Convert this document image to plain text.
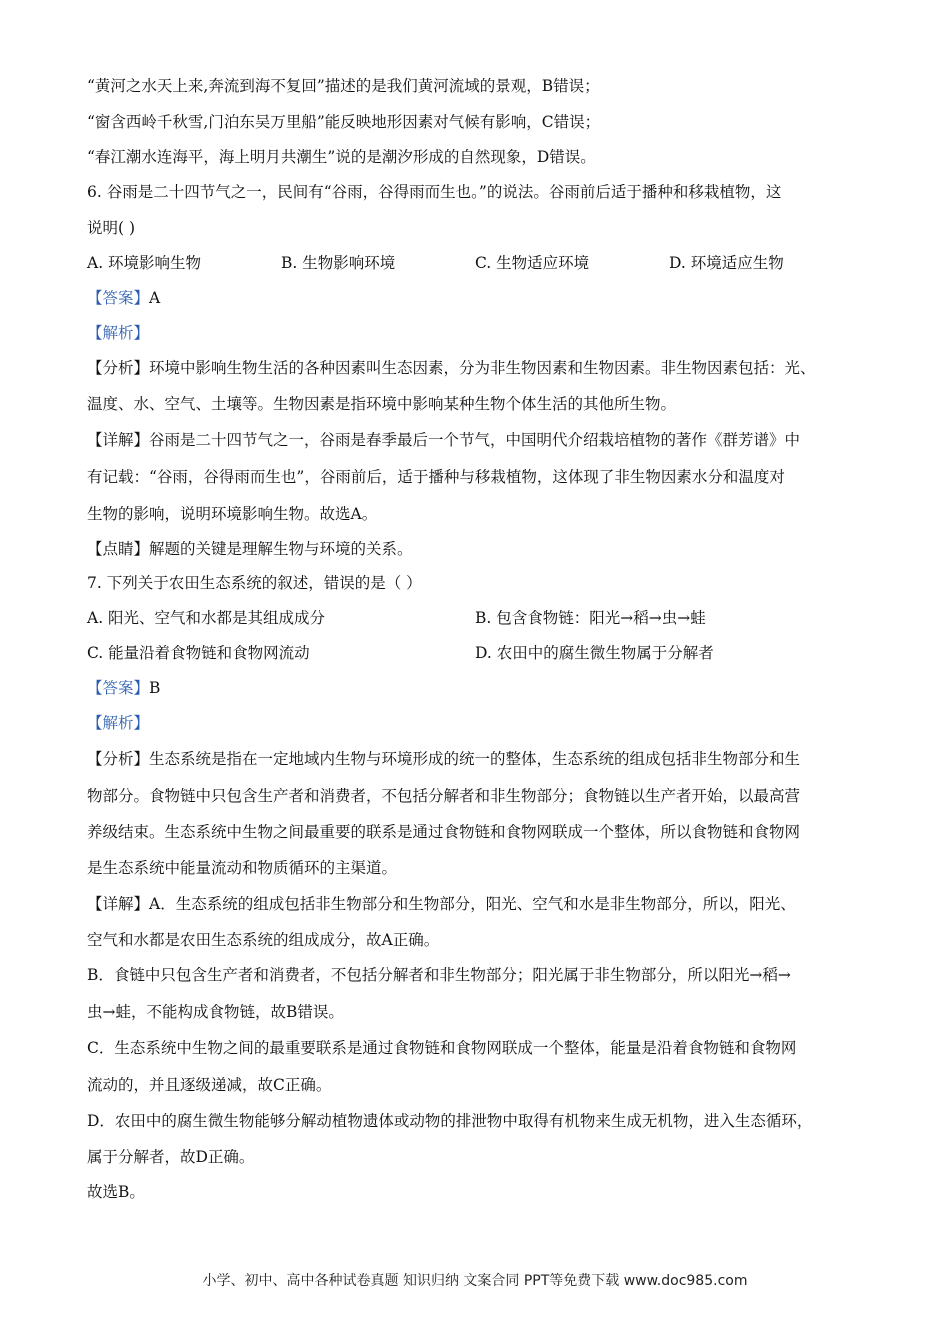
“黄河之水天上来,奔流到海不复回”描述的是我们黄河流域的景观，B错误；
“窗含西岭千秋雪,门泊东吴万里船”能反映地形因素对气候有影响，C错误；
“春江潮水连海平，海上明月共潮生”说的是潮汐形成的自然现象，D错误。
6. 谷雨是二十四节气之一，民间有“谷雨，谷得雨而生也。”的说法。谷雨前后适于播种和移栽植物，这
说明( )
A. 环境影响生物	B. 生物影响环境	C. 生物适应环境	D. 环境适应生物
【答案】A
【解析】
【分析】环境中影响生物生活的各种因素叫生态因素，分为非生物因素和生物因素。非生物因素包括：光、
温度、水、空气、土壤等。生物因素是指环境中影响某种生物个体生活的其他所生物。
【详解】谷雨是二十四节气之一，谷雨是春季最后一个节气，中国明代介绍栽培植物的著作《群芳谱》中
有记载：“谷雨，谷得雨而生也”，谷雨前后，适于播种与移栽植物，这体现了非生物因素水分和温度对
生物的影响，说明环境影响生物。故选A。
【点睛】解题的关键是理解生物与环境的关系。
7. 下列关于农田生态系统的叙述，错误的是（ ）
A. 阳光、空气和水都是其组成成分	B. 包含食物链：阳光→稻→虫→蛙
C. 能量沿着食物链和食物网流动	D. 农田中的腐生微生物属于分解者
【答案】B
【解析】
【分析】生态系统是指在一定地域内生物与环境形成的统一的整体，生态系统的组成包括非生物部分和生
物部分。食物链中只包含生产者和消费者，不包括分解者和非生物部分；食物链以生产者开始，以最高营
养级结束。生态系统中生物之间最重要的联系是通过食物链和食物网联成一个整体，所以食物链和食物网
是生态系统中能量流动和物质循环的主渠道。
【详解】A．生态系统的组成包括非生物部分和生物部分，阳光、空气和水是非生物部分，所以，阳光、
空气和水都是农田生态系统的组成成分，故A正确。
B．食链中只包含生产者和消费者，不包括分解者和非生物部分；阳光属于非生物部分，所以阳光→稻→
虫→蛙，不能构成食物链，故B错误。
C．生态系统中生物之间的最重要联系是通过食物链和食物网联成一个整体，能量是沿着食物链和食物网
流动的，并且逐级递减，故C正确。
D．农田中的腐生微生物能够分解动植物遗体或动物的排泄物中取得有机物来生成无机物，进入生态循环，
属于分解者，故D正确。
故选B。
小学、初中、高中各种试卷真题 知识归纳 文案合同 PPT等免费下载 www.doc985.com
